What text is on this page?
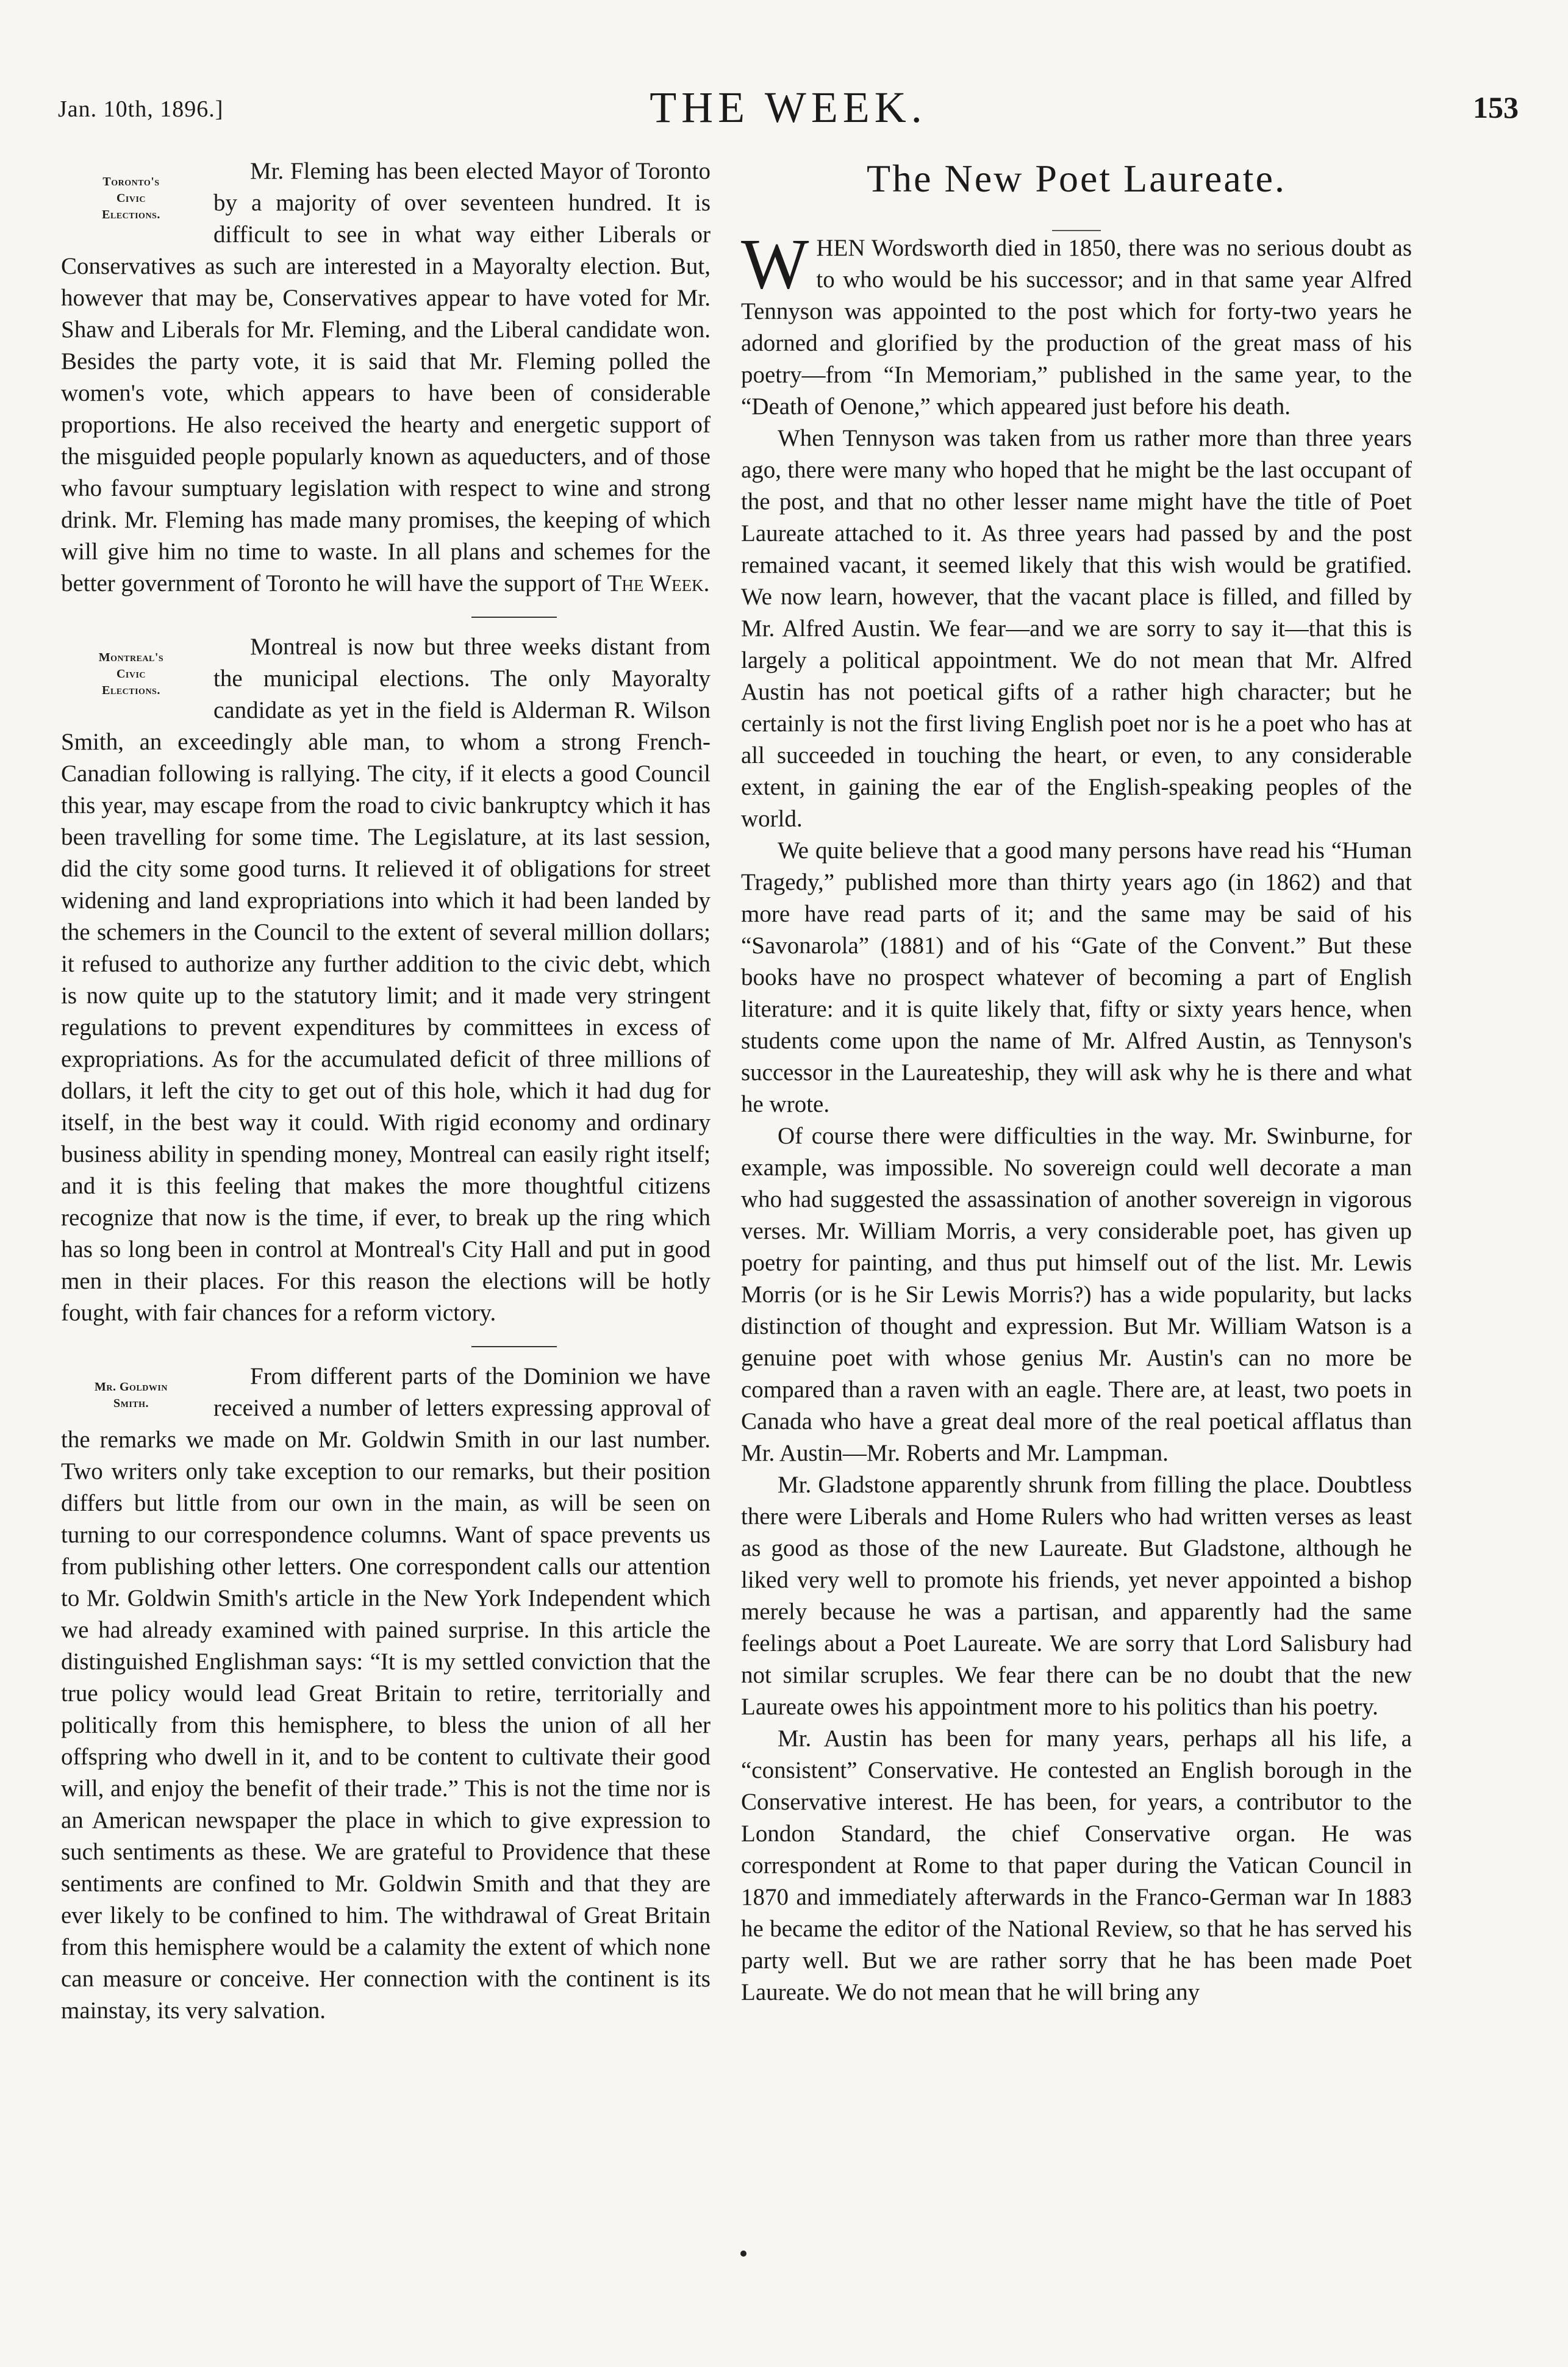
Jan. 10th, 1896.]	THE WEEK.	153
Toronto's
Civic
Elections.

Mr. Fleming has been elected Mayor of Toronto by a majority of over seventeen hundred. It is difficult to see in what way either Liberals or Conservatives as such are interested in a Mayoralty election. But, however that may be, Conservatives appear to have voted for Mr. Shaw and Liberals for Mr. Fleming, and the Liberal candidate won. Besides the party vote, it is said that Mr. Fleming polled the women's vote, which appears to have been of considerable proportions. He also received the hearty and energetic support of the misguided people popularly known as aqueducters, and of those who favour sumptuary legislation with respect to wine and strong drink. Mr. Fleming has made many promises, the keeping of which will give him no time to waste. In all plans and schemes for the better government of Toronto he will have the support of The Week.

Montreal's
Civic
Elections.

Montreal is now but three weeks distant from the municipal elections. The only Mayoralty candidate as yet in the field is Alderman R. Wilson Smith, an exceedingly able man, to whom a strong French-Canadian following is rallying. The city, if it elects a good Council this year, may escape from the road to civic bankruptcy which it has been travelling for some time. The Legislature, at its last session, did the city some good turns. It relieved it of obligations for street widening and land expropriations into which it had been landed by the schemers in the Council to the extent of several million dollars; it refused to authorize any further addition to the civic debt, which is now quite up to the statutory limit; and it made very stringent regulations to prevent expenditures by committees in excess of expropriations. As for the accumulated deficit of three millions of dollars, it left the city to get out of this hole, which it had dug for itself, in the best way it could. With rigid economy and ordinary business ability in spending money, Montreal can easily right itself; and it is this feeling that makes the more thoughtful citizens recognize that now is the time, if ever, to break up the ring which has so long been in control at Montreal's City Hall and put in good men in their places. For this reason the elections will be hotly fought, with fair chances for a reform victory.

Mr. Goldwin
Smith.

From different parts of the Dominion we have received a number of letters expressing approval of the remarks we made on Mr. Goldwin Smith in our last number. Two writers only take exception to our remarks, but their position differs but little from our own in the main, as will be seen on turning to our correspondence columns. Want of space prevents us from publishing other letters. One correspondent calls our attention to Mr. Goldwin Smith's article in the New York Independent which we had already examined with pained surprise. In this article the distinguished Englishman says: “It is my settled conviction that the true policy would lead Great Britain to retire, territorially and politically from this hemisphere, to bless the union of all her offspring who dwell in it, and to be content to cultivate their good will, and enjoy the benefit of their trade.” This is not the time nor is an American newspaper the place in which to give expression to such sentiments as these. We are grateful to Providence that these sentiments are confined to Mr. Goldwin Smith and that they are ever likely to be confined to him. The withdrawal of Great Britain from this hemisphere would be a calamity the extent of which none can measure or conceive. Her connection with the continent is its mainstay, its very salvation.

The New Poet Laureate.

WHEN Wordsworth died in 1850, there was no serious doubt as to who would be his successor; and in that same year Alfred Tennyson was appointed to the post which for forty-two years he adorned and glorified by the production of the great mass of his poetry—from “In Memoriam,” published in the same year, to the “Death of Oenone,” which appeared just before his death.

When Tennyson was taken from us rather more than three years ago, there were many who hoped that he might be the last occupant of the post, and that no other lesser name might have the title of Poet Laureate attached to it. As three years had passed by and the post remained vacant, it seemed likely that this wish would be gratified. We now learn, however, that the vacant place is filled, and filled by Mr. Alfred Austin. We fear—and we are sorry to say it—that this is largely a political appointment. We do not mean that Mr. Alfred Austin has not poetical gifts of a rather high character; but he certainly is not the first living English poet nor is he a poet who has at all succeeded in touching the heart, or even, to any considerable extent, in gaining the ear of the English-speaking peoples of the world.

We quite believe that a good many persons have read his “Human Tragedy,” published more than thirty years ago (in 1862) and that more have read parts of it; and the same may be said of his “Savonarola” (1881) and of his “Gate of the Convent.” But these books have no prospect whatever of becoming a part of English literature: and it is quite likely that, fifty or sixty years hence, when students come upon the name of Mr. Alfred Austin, as Tennyson's successor in the Laureateship, they will ask why he is there and what he wrote.

Of course there were difficulties in the way. Mr. Swinburne, for example, was impossible. No sovereign could well decorate a man who had suggested the assassination of another sovereign in vigorous verses. Mr. William Morris, a very considerable poet, has given up poetry for painting, and thus put himself out of the list. Mr. Lewis Morris (or is he Sir Lewis Morris?) has a wide popularity, but lacks distinction of thought and expression. But Mr. William Watson is a genuine poet with whose genius Mr. Austin's can no more be compared than a raven with an eagle. There are, at least, two poets in Canada who have a great deal more of the real poetical afflatus than Mr. Austin—Mr. Roberts and Mr. Lampman.

Mr. Gladstone apparently shrunk from filling the place. Doubtless there were Liberals and Home Rulers who had written verses as least as good as those of the new Laureate. But Gladstone, although he liked very well to promote his friends, yet never appointed a bishop merely because he was a partisan, and apparently had the same feelings about a Poet Laureate. We are sorry that Lord Salisbury had not similar scruples. We fear there can be no doubt that the new Laureate owes his appointment more to his politics than his poetry.

Mr. Austin has been for many years, perhaps all his life, a “consistent” Conservative. He contested an English borough in the Conservative interest. He has been, for years, a contributor to the London Standard, the chief Conservative organ. He was correspondent at Rome to that paper during the Vatican Council in 1870 and immediately afterwards in the Franco-German war In 1883 he became the editor of the National Review, so that he has served his party well. But we are rather sorry that he has been made Poet Laureate. We do not mean that he will bring any
